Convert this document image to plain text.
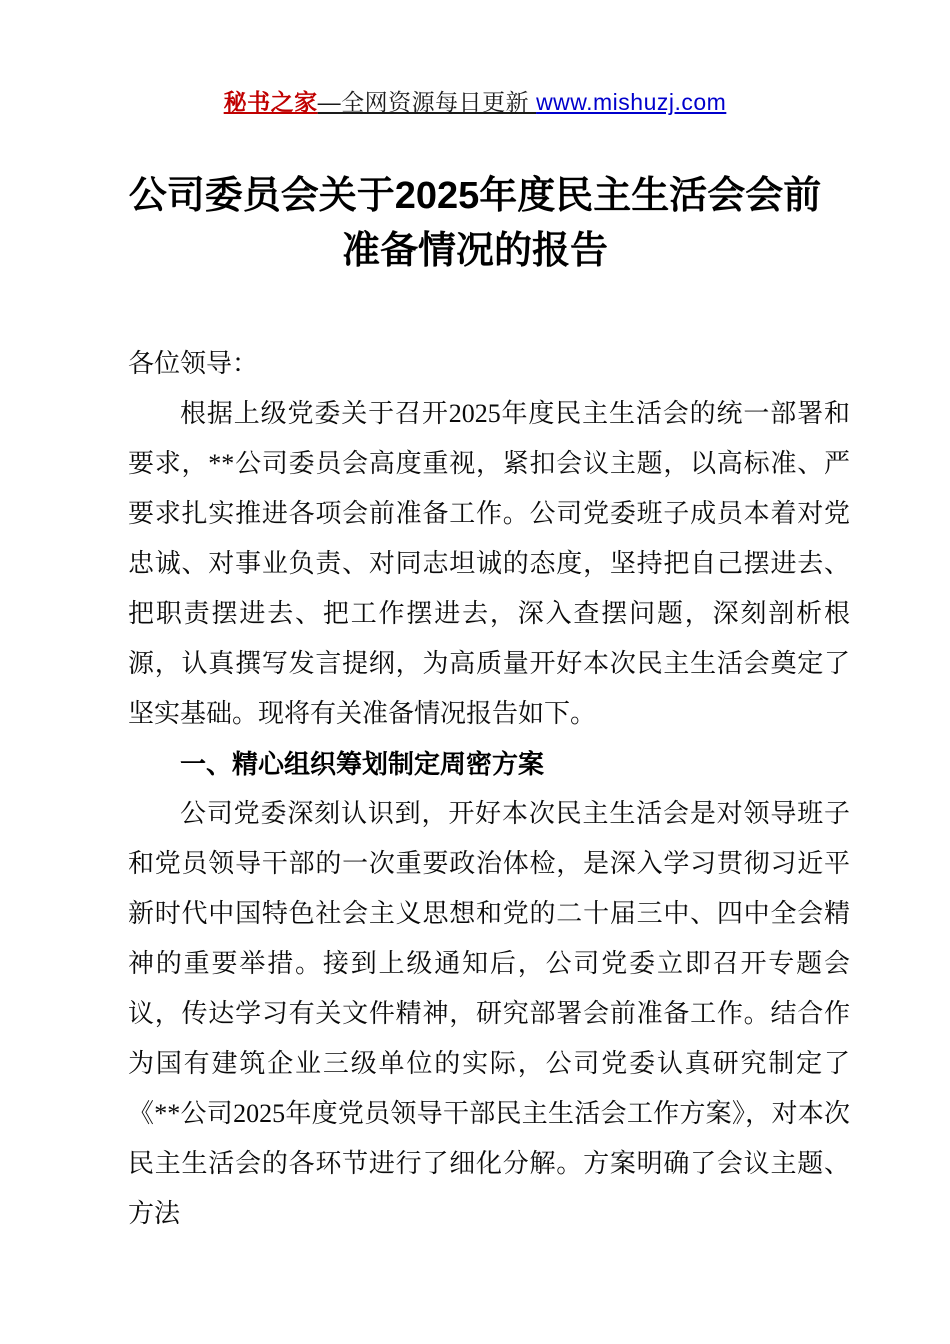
秘书之家—全网资源每日更新 www.mishuzj.com
公司委员会关于2025年度民主生活会会前准备情况的报告

各位领导：

根据上级党委关于召开2025年度民主生活会的统一部署和要求，**公司委员会高度重视，紧扣会议主题，以高标准、严要求扎实推进各项会前准备工作。公司党委班子成员本着对党忠诚、对事业负责、对同志坦诚的态度，坚持把自己摆进去、把职责摆进去、把工作摆进去，深入查摆问题，深刻剖析根源，认真撰写发言提纲，为高质量开好本次民主生活会奠定了坚实基础。现将有关准备情况报告如下。

一、精心组织筹划制定周密方案

公司党委深刻认识到，开好本次民主生活会是对领导班子和党员领导干部的一次重要政治体检，是深入学习贯彻习近平新时代中国特色社会主义思想和党的二十届三中、四中全会精神的重要举措。接到上级通知后，公司党委立即召开专题会议，传达学习有关文件精神，研究部署会前准备工作。结合作为国有建筑企业三级单位的实际，公司党委认真研究制定了《**公司2025年度党员领导干部民主生活会工作方案》，对本次民主生活会的各环节进行了细化分解。方案明确了会议主题、方法
